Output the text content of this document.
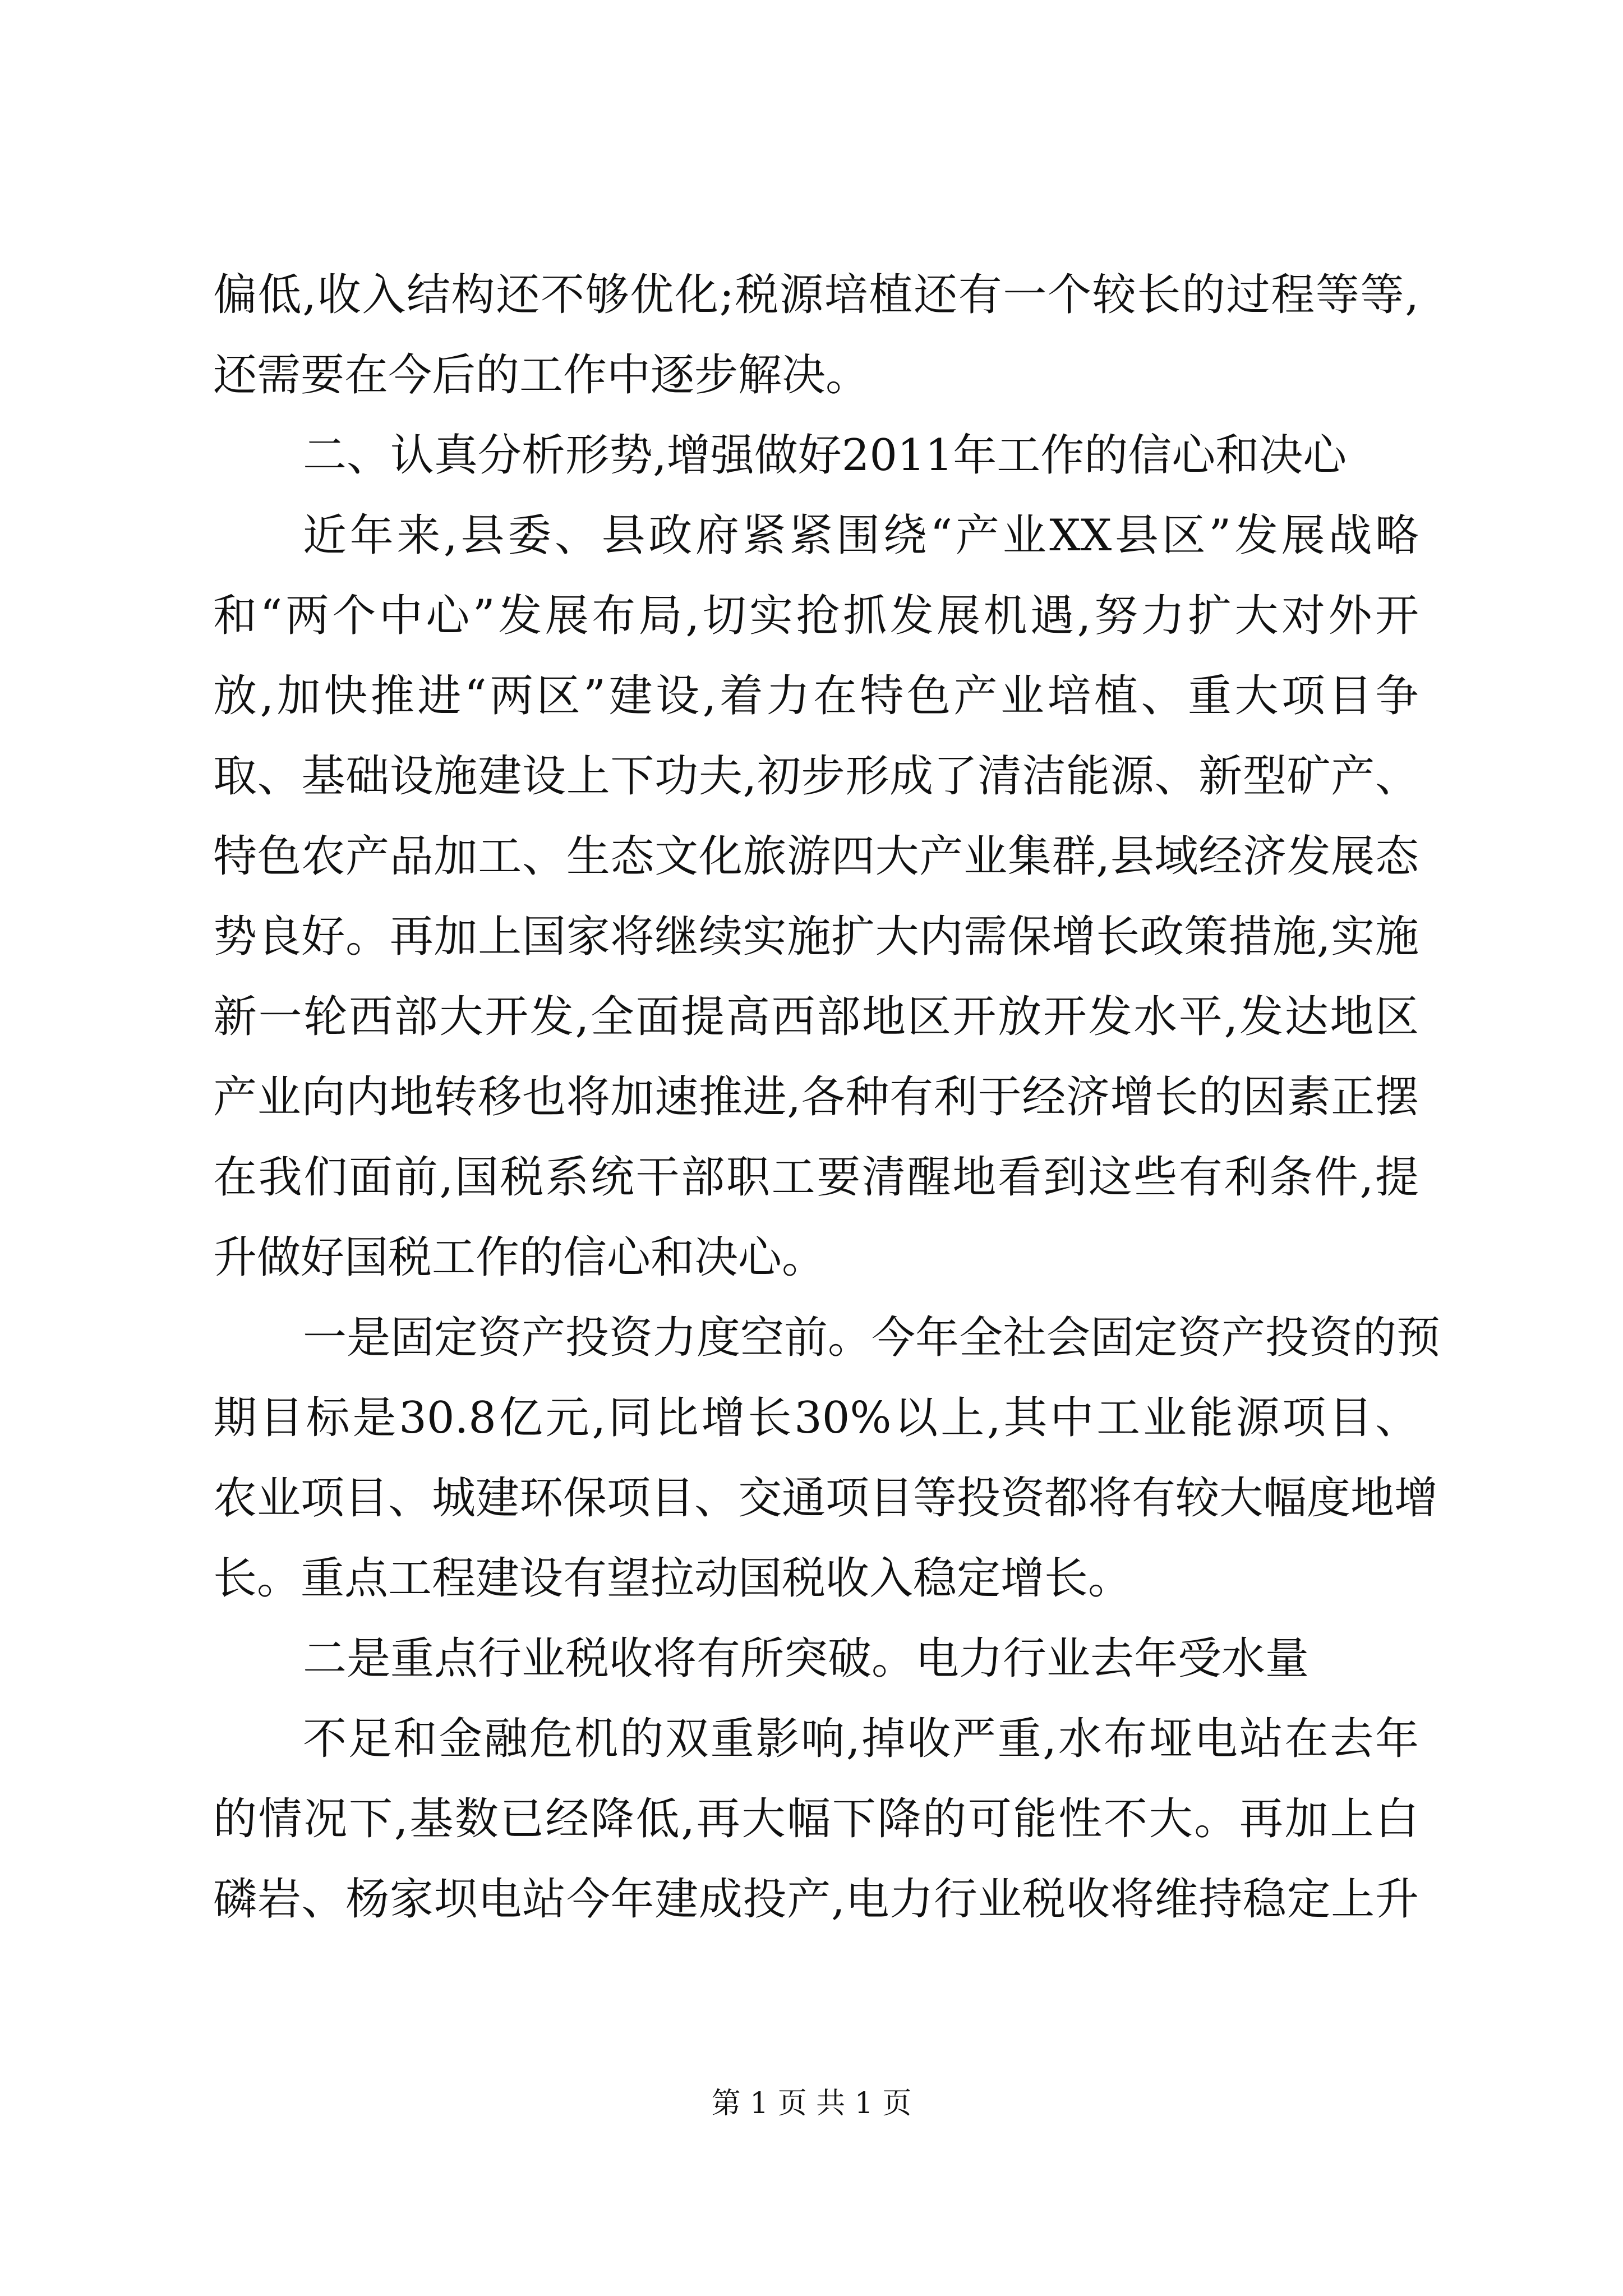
偏低,收入结构还不够优化;税源培植还有一个较长的过程等等,
还需要在今后的工作中逐步解决。
二、认真分析形势,增强做好2011年工作的信心和决心
近年来,县委、县政府紧紧围绕“产业XX县区”发展战略
和“两个中心”发展布局,切实抢抓发展机遇,努力扩大对外开
放,加快推进“两区”建设,着力在特色产业培植、重大项目争
取、基础设施建设上下功夫,初步形成了清洁能源、新型矿产、
特色农产品加工、生态文化旅游四大产业集群,县域经济发展态
势良好。再加上国家将继续实施扩大内需保增长政策措施,实施
新一轮西部大开发,全面提高西部地区开放开发水平,发达地区
产业向内地转移也将加速推进,各种有利于经济增长的因素正摆
在我们面前,国税系统干部职工要清醒地看到这些有利条件,提
升做好国税工作的信心和决心。
一是固定资产投资力度空前。今年全社会固定资产投资的预
期目标是30.8亿元,同比增长30%以上,其中工业能源项目、
农业项目、城建环保项目、交通项目等投资都将有较大幅度地增
长。重点工程建设有望拉动国税收入稳定增长。
二是重点行业税收将有所突破。电力行业去年受水量
不足和金融危机的双重影响,掉收严重,水布垭电站在去年
的情况下,基数已经降低,再大幅下降的可能性不大。再加上白
磷岩、杨家坝电站今年建成投产,电力行业税收将维持稳定上升
第 1 页 共 1 页
